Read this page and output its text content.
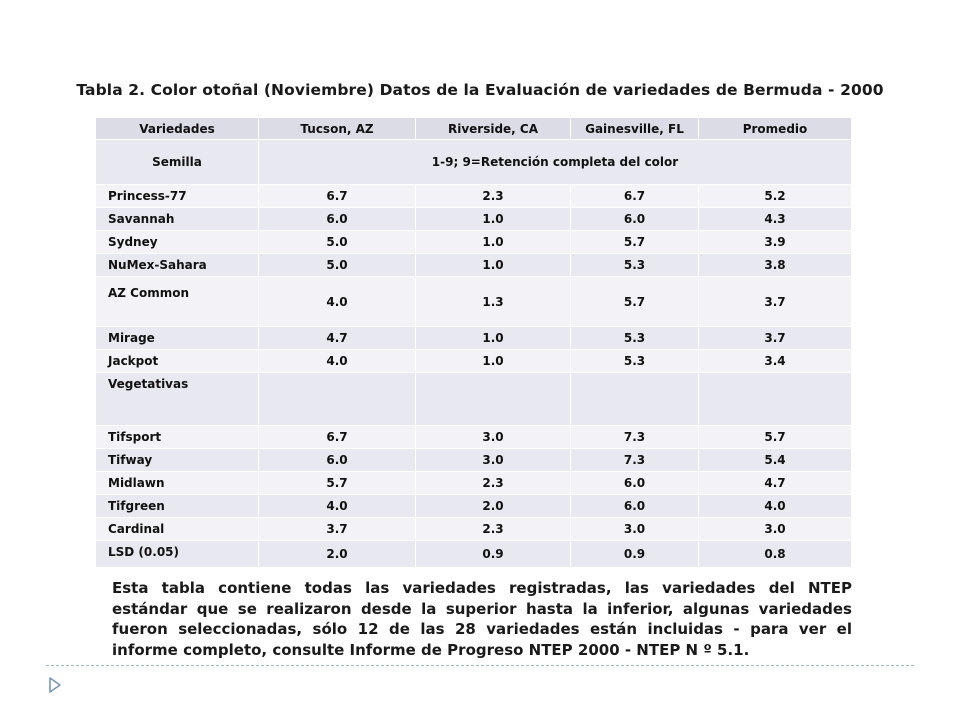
Tabla 2. Color otoñal (Noviembre) Datos de la Evaluación de variedades de Bermuda - 2000
Variedades	Tucson, AZ	Riverside, CA	Gainesville, FL	Promedio
Semilla	1-9; 9=Retención completa del color			
Princess-77	6.7	2.3	6.7	5.2
Savannah	6.0	1.0	6.0	4.3
Sydney	5.0	1.0	5.7	3.9
NuMex-Sahara	5.0	1.0	5.3	3.8
AZ Common	4.0	1.3	5.7	3.7
Mirage	4.7	1.0	5.3	3.7
Jackpot	4.0	1.0	5.3	3.4
Vegetativas				
Tifsport	6.7	3.0	7.3	5.7
Tifway	6.0	3.0	7.3	5.4
Midlawn	5.7	2.3	6.0	4.7
Tifgreen	4.0	2.0	6.0	4.0
Cardinal	3.7	2.3	3.0	3.0
LSD (0.05)	2.0	0.9	0.9	0.8
Esta tabla contiene todas las variedades registradas, las variedades del NTEP estándar que se realizaron desde la superior hasta la inferior, algunas variedades fueron seleccionadas, sólo 12 de las 28 variedades están incluidas - para ver el informe completo, consulte Informe de Progreso NTEP 2000 - NTEP N º 5.1.
